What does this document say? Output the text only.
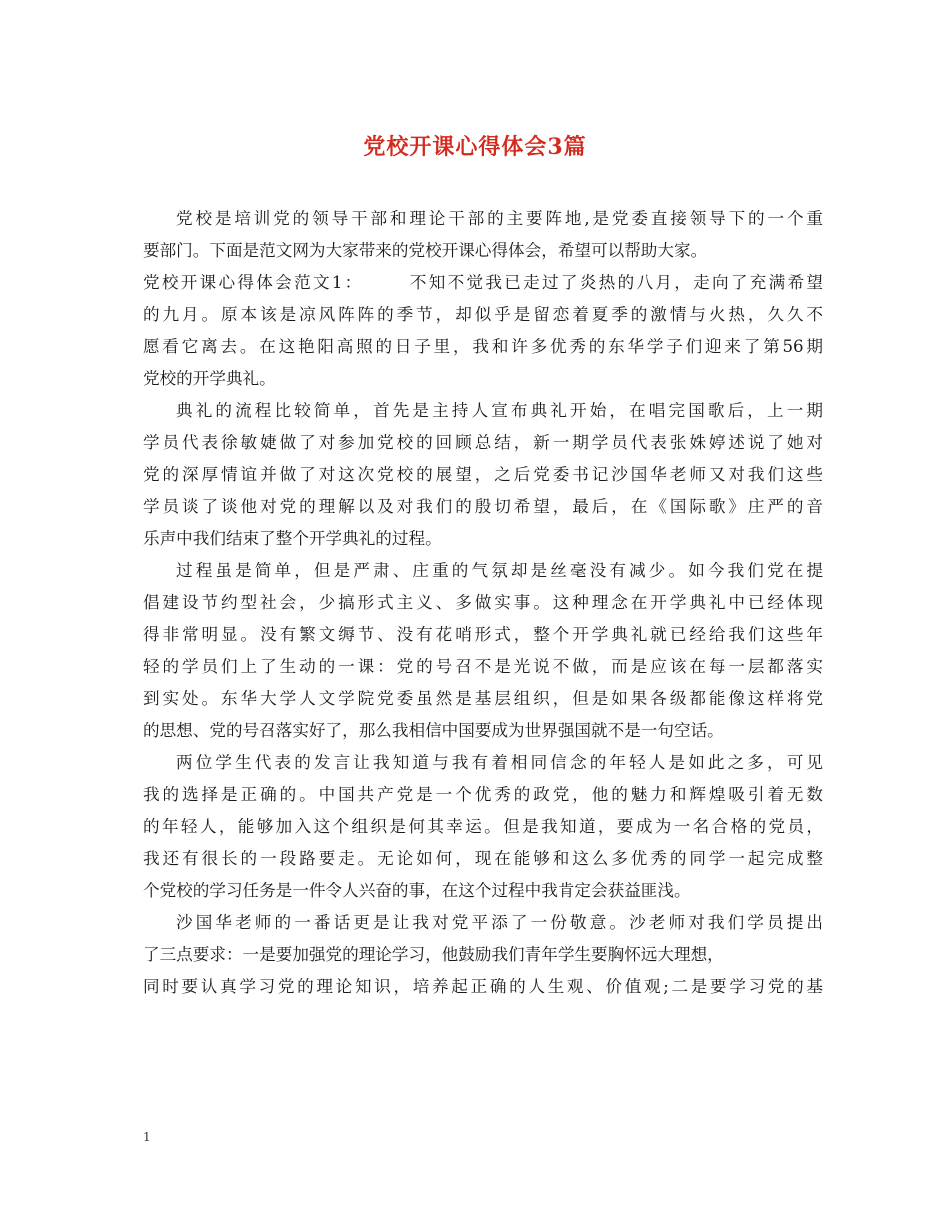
党校开课心得体会3篇
党校是培训党的领导干部和理论干部的主要阵地,是党委直接领导下的一个重
要部门。下面是范文网为大家带来的党校开课心得体会，希望可以帮助大家。
党校开课心得体会范文1：	不知不觉我已走过了炎热的八月，走向了充满希望
的九月。原本该是凉风阵阵的季节，却似乎是留恋着夏季的激情与火热，久久不
愿看它离去。在这艳阳高照的日子里，我和许多优秀的东华学子们迎来了第56期
党校的开学典礼。
典礼的流程比较简单，首先是主持人宣布典礼开始，在唱完国歌后，上一期
学员代表徐敏婕做了对参加党校的回顾总结，新一期学员代表张姝婷述说了她对
党的深厚情谊并做了对这次党校的展望，之后党委书记沙国华老师又对我们这些
学员谈了谈他对党的理解以及对我们的殷切希望，最后，在《国际歌》庄严的音
乐声中我们结束了整个开学典礼的过程。
过程虽是简单，但是严肃、庄重的气氛却是丝毫没有减少。如今我们党在提
倡建设节约型社会，少搞形式主义、多做实事。这种理念在开学典礼中已经体现
得非常明显。没有繁文缛节、没有花哨形式，整个开学典礼就已经给我们这些年
轻的学员们上了生动的一课：党的号召不是光说不做，而是应该在每一层都落实
到实处。东华大学人文学院党委虽然是基层组织，但是如果各级都能像这样将党
的思想、党的号召落实好了，那么我相信中国要成为世界强国就不是一句空话。
两位学生代表的发言让我知道与我有着相同信念的年轻人是如此之多，可见
我的选择是正确的。中国共产党是一个优秀的政党，他的魅力和辉煌吸引着无数
的年轻人，能够加入这个组织是何其幸运。但是我知道，要成为一名合格的党员，
我还有很长的一段路要走。无论如何，现在能够和这么多优秀的同学一起完成整
个党校的学习任务是一件令人兴奋的事，在这个过程中我肯定会获益匪浅。
沙国华老师的一番话更是让我对党平添了一份敬意。沙老师对我们学员提出
了三点要求：一是要加强党的理论学习，他鼓励我们青年学生要胸怀远大理想，
同时要认真学习党的理论知识，培养起正确的人生观、价值观;二是要学习党的基
1
